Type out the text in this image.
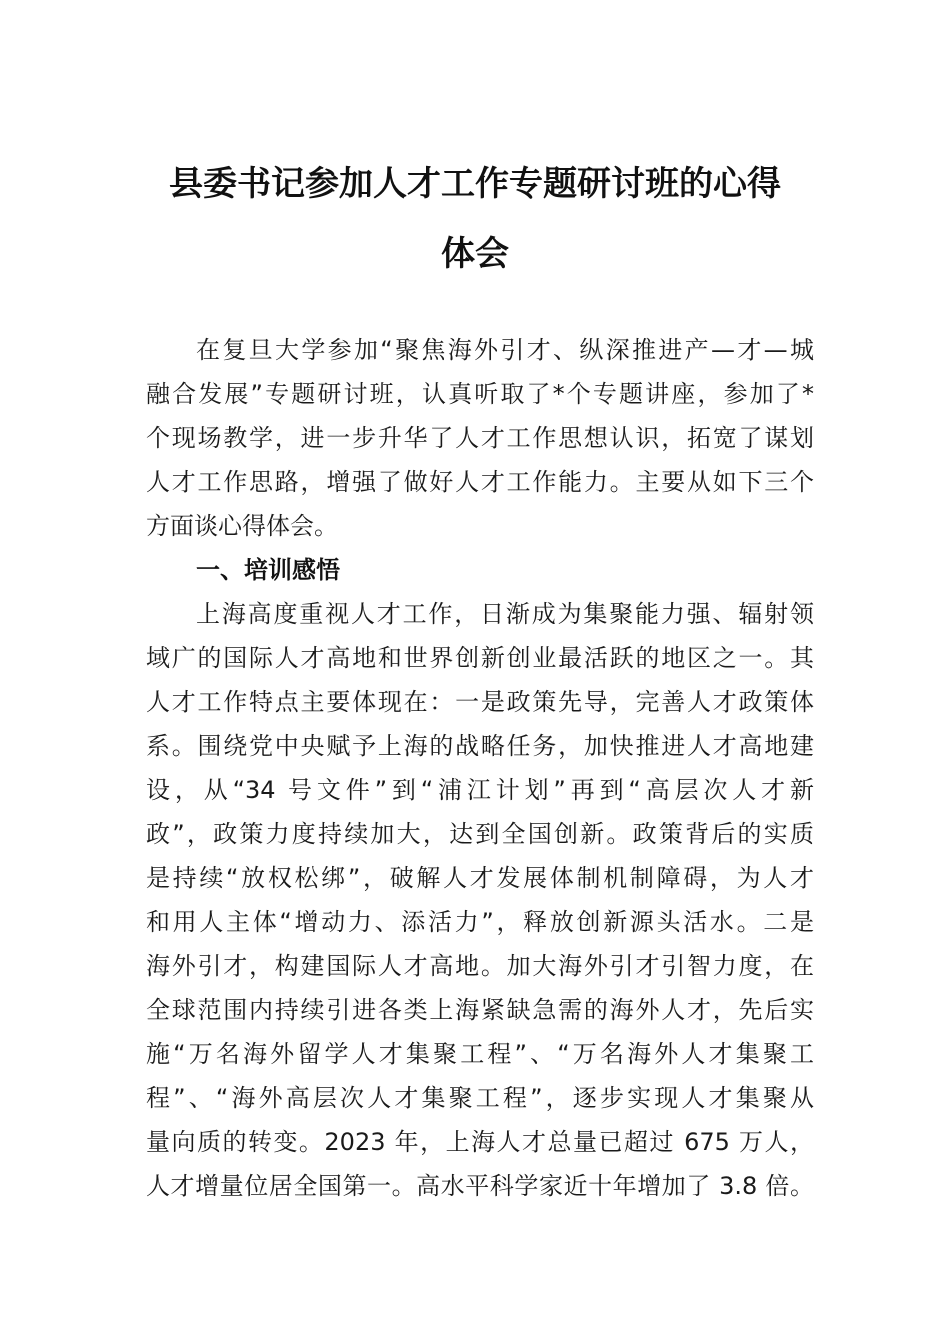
县委书记参加人才工作专题研讨班的心得
体会
在复旦大学参加“聚焦海外引才、纵深推进产—才—城
融合发展”专题研讨班，认真听取了*个专题讲座，参加了*
个现场教学，进一步升华了人才工作思想认识，拓宽了谋划
人才工作思路，增强了做好人才工作能力。主要从如下三个
方面谈心得体会。
一、培训感悟
上海高度重视人才工作，日渐成为集聚能力强、辐射领
域广的国际人才高地和世界创新创业最活跃的地区之一。其
人才工作特点主要体现在：一是政策先导，完善人才政策体
系。围绕党中央赋予上海的战略任务，加快推进人才高地建
设，从“34 号文件”到“浦江计划”再到“高层次人才新
政”，政策力度持续加大，达到全国创新。政策背后的实质
是持续“放权松绑”，破解人才发展体制机制障碍，为人才
和用人主体“增动力、添活力”，释放创新源头活水。二是
海外引才，构建国际人才高地。加大海外引才引智力度，在
全球范围内持续引进各类上海紧缺急需的海外人才，先后实
施“万名海外留学人才集聚工程”、“万名海外人才集聚工
程”、“海外高层次人才集聚工程”，逐步实现人才集聚从
量向质的转变。2023 年，上海人才总量已超过 675 万人，
人才增量位居全国第一。高水平科学家近十年增加了 3.8 倍。
